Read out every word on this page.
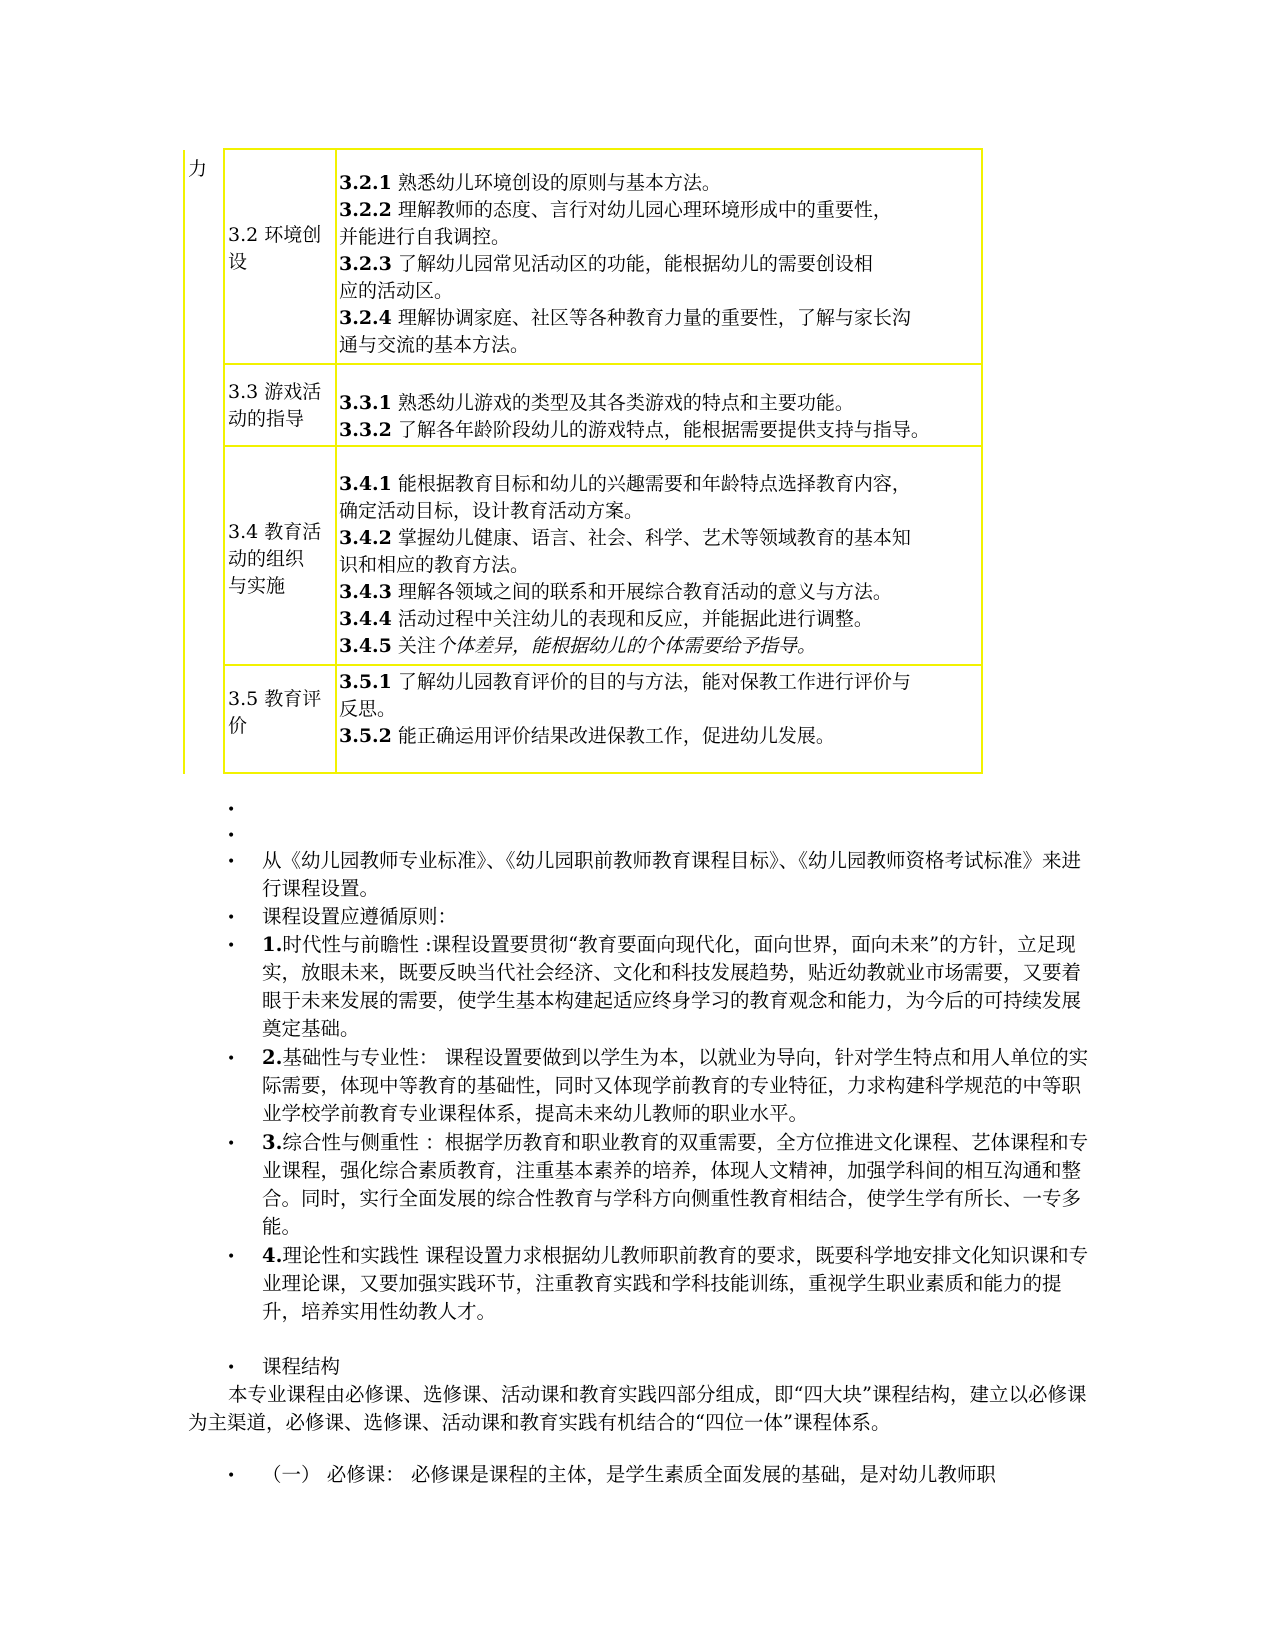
力
3.2 环境创
设
3.2.1 熟悉幼儿环境创设的原则与基本方法。
3.2.2 理解教师的态度、言行对幼儿园心理环境形成中的重要性，
并能进行自我调控。
3.2.3 了解幼儿园常见活动区的功能，能根据幼儿的需要创设相
应的活动区。
3.2.4 理解协调家庭、社区等各种教育力量的重要性，了解与家长沟
通与交流的基本方法。
3.3 游戏活
动的指导
3.3.1 熟悉幼儿游戏的类型及其各类游戏的特点和主要功能。
3.3.2 了解各年龄阶段幼儿的游戏特点，能根据需要提供支持与指导。
3.4 教育活
动的组织
与实施
3.4.1 能根据教育目标和幼儿的兴趣需要和年龄特点选择教育内容，
确定活动目标，设计教育活动方案。
3.4.2 掌握幼儿健康、语言、社会、科学、艺术等领域教育的基本知
识和相应的教育方法。
3.4.3 理解各领域之间的联系和开展综合教育活动的意义与方法。
3.4.4 活动过程中关注幼儿的表现和反应，并能据此进行调整。
3.4.5 关注个体差异，能根据幼儿的个体需要给予指导。
3.5 教育评
价
3.5.1 了解幼儿园教育评价的目的与方法，能对保教工作进行评价与
反思。
3.5.2 能正确运用评价结果改进保教工作，促进幼儿发展。
•
•
• 从《幼儿园教师专业标准》、《幼儿园职前教师教育课程目标》、《幼儿园教师资格考试标准》来进行课程设置。
• 课程设置应遵循原则：
• 1.时代性与前瞻性 :课程设置要贯彻“教育要面向现代化，面向世界，面向未来”的方针，立足现实，放眼未来，既要反映当代社会经济、文化和科技发展趋势，贴近幼教就业市场需要，又要着眼于未来发展的需要，使学生基本构建起适应终身学习的教育观念和能力，为今后的可持续发展奠定基础。
• 2.基础性与专业性： 课程设置要做到以学生为本，以就业为导向，针对学生特点和用人单位的实际需要，体现中等教育的基础性，同时又体现学前教育的专业特征，力求构建科学规范的中等职业学校学前教育专业课程体系，提高未来幼儿教师的职业水平。
• 3.综合性与侧重性 ：根据学历教育和职业教育的双重需要，全方位推进文化课程、艺体课程和专业课程，强化综合素质教育，注重基本素养的培养，体现人文精神，加强学科间的相互沟通和整合。同时，实行全面发展的综合性教育与学科方向侧重性教育相结合，使学生学有所长、一专多能。
• 4.理论性和实践性 课程设置力求根据幼儿教师职前教育的要求，既要科学地安排文化知识课和专业理论课，又要加强实践环节，注重教育实践和学科技能训练，重视学生职业素质和能力的提升，培养实用性幼教人才。
• 课程结构
本专业课程由必修课、选修课、活动课和教育实践四部分组成，即“四大块”课程结构，建立以必修课为主渠道，必修课、选修课、活动课和教育实践有机结合的“四位一体”课程体系。
• （一） 必修课： 必修课是课程的主体，是学生素质全面发展的基础，是对幼儿教师职
